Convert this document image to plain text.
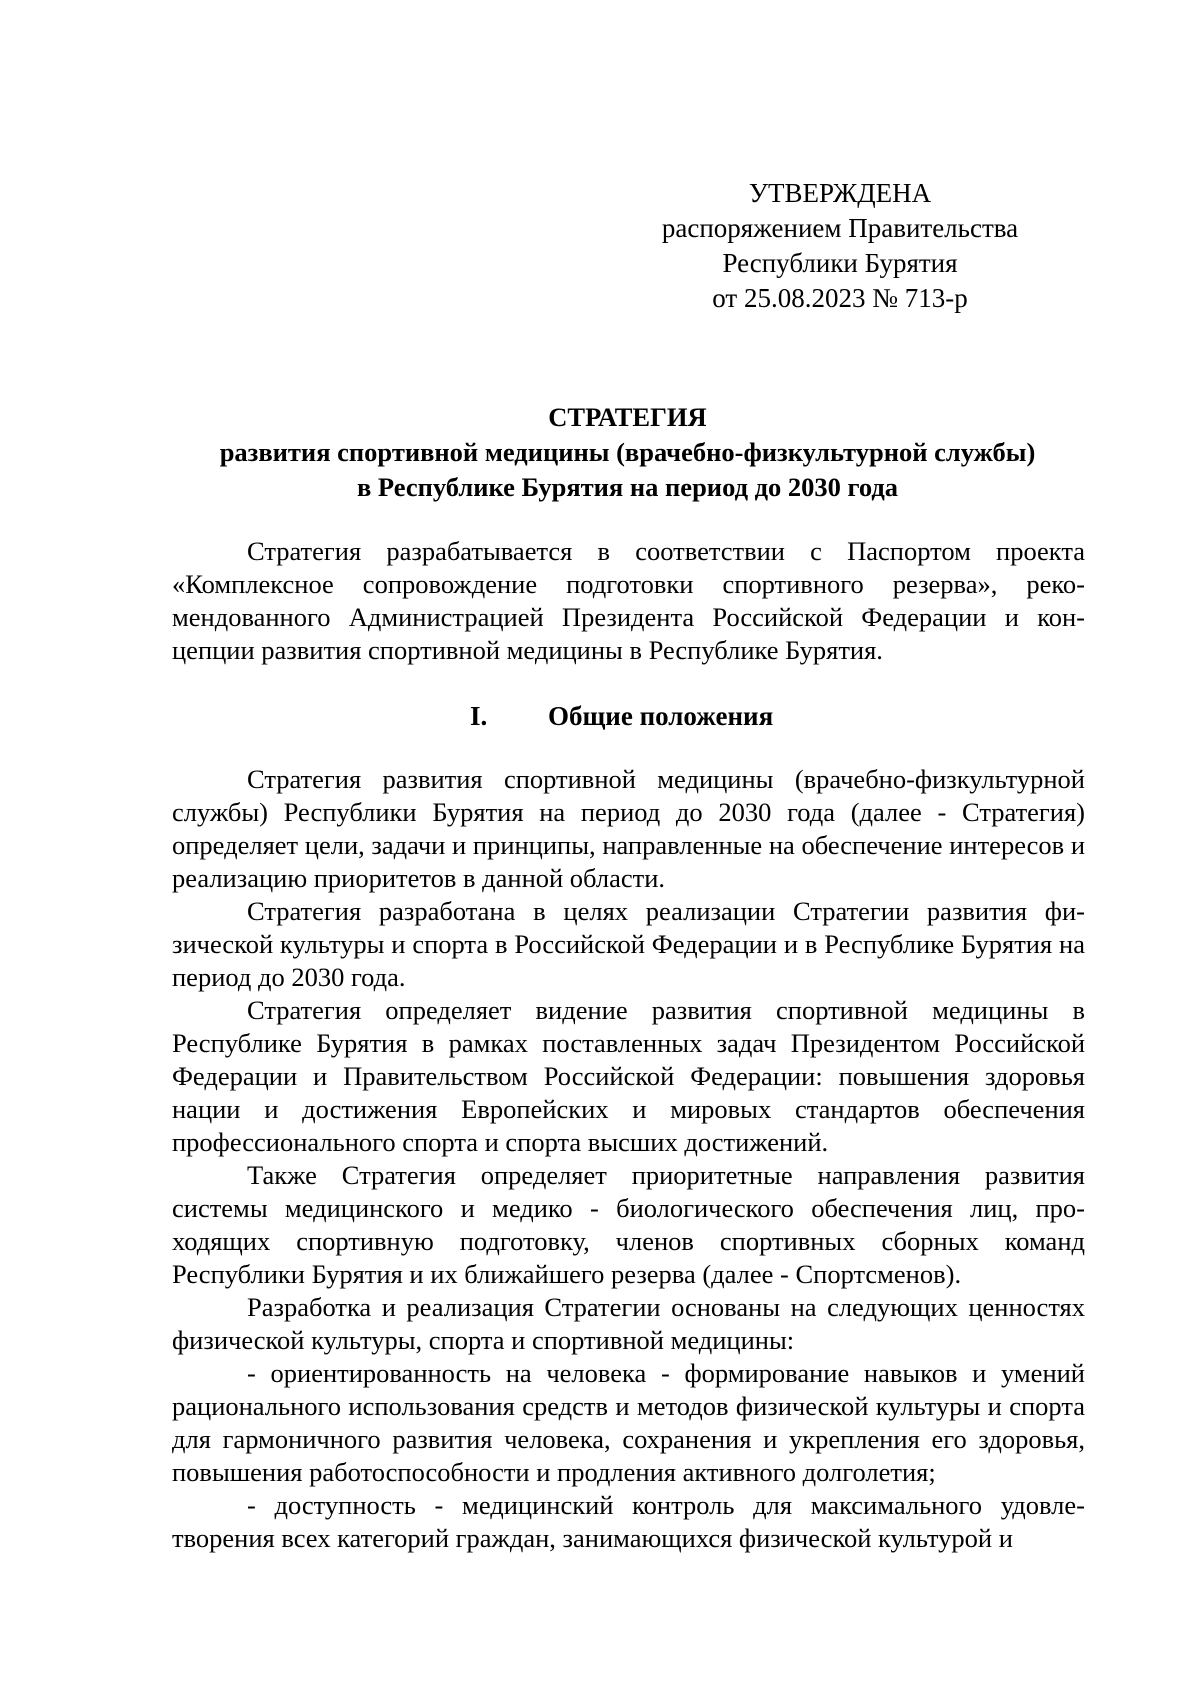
УТВЕРЖДЕНА
распоряжением Правительства
Республики Бурятия
от 25.08.2023 № 713-р
СТРАТЕГИЯ
развития спортивной медицины (врачебно-физкультурной службы)
в Республике Бурятия на период до 2030 года

Стратегия разрабатывается в соответствии с Паспортом проекта «Комплексное сопровождение подготовки спортивного резерва», рекомендованного Администрацией Президента Российской Федерации и концепции развития спортивной медицины в Республике Бурятия.

I. Общие положения

Стратегия развития спортивной медицины (врачебно-физкультурной службы) Республики Бурятия на период до 2030 года (далее - Стратегия) определяет цели, задачи и принципы, направленные на обеспечение интересов и реализацию приоритетов в данной области.

Стратегия разработана в целях реализации Стратегии развития физической культуры и спорта в Российской Федерации и в Республике Бурятия на период до 2030 года.

Стратегия определяет видение развития спортивной медицины в Республике Бурятия в рамках поставленных задач Президентом Российской Федерации и Правительством Российской Федерации: повышения здоровья нации и достижения Европейских и мировых стандартов обеспечения профессионального спорта и спорта высших достижений.

Также Стратегия определяет приоритетные направления развития системы медицинского и медико - биологического обеспечения лиц, проходящих спортивную подготовку, членов спортивных сборных команд Республики Бурятия и их ближайшего резерва (далее - Спортсменов).

Разработка и реализация Стратегии основаны на следующих ценностях физической культуры, спорта и спортивной медицины:

- ориентированность на человека - формирование навыков и умений рационального использования средств и методов физической культуры и спорта для гармоничного развития человека, сохранения и укрепления его здоровья, повышения работоспособности и продления активного долголетия;

- доступность - медицинский контроль для максимального удовлетворения всех категорий граждан, занимающихся физической культурой и
